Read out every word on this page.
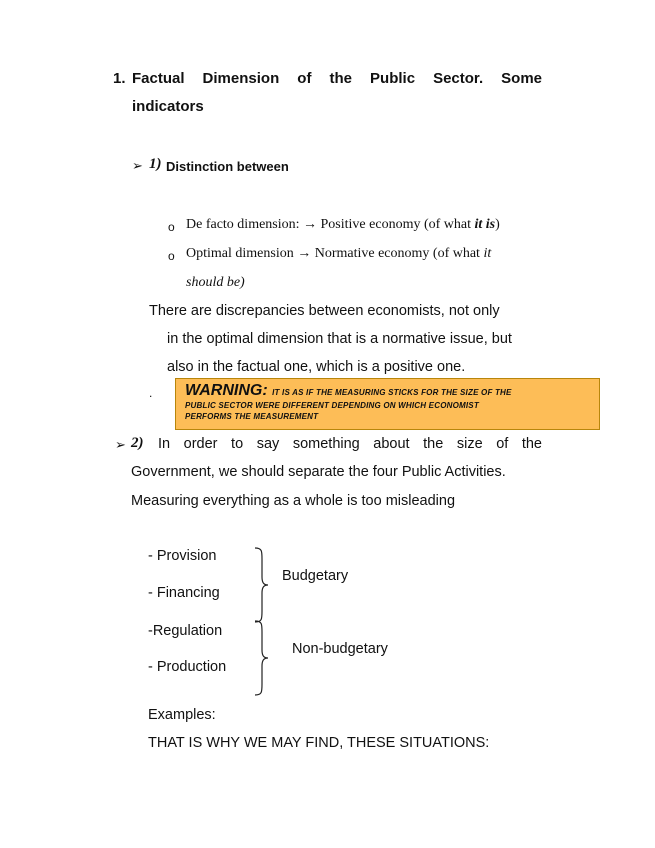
1. Factual Dimension of the Public Sector. Some
indicators
➢ 1) Distinction between
o De facto dimension: → Positive economy (of what it is)
o Optimal dimension → Normative economy (of what it
should be)
There are discrepancies between economists, not only
in the optimal dimension that is a normative issue, but
also in the factual one, which is a positive one.
. WARNING: IT IS AS IF THE MEASURING STICKS FOR THE SIZE OF THE
PUBLIC SECTOR WERE DIFFERENT DEPENDING ON WHICH ECONOMIST
PERFORMS THE MEASUREMENT
➢ 2) In order to say something about the size of the
Government, we should separate the four Public Activities.
Measuring everything as a whole is too misleading
- Provision
- Financing
-Regulation
- Production
Budgetary
Non-budgetary
Examples:
THAT IS WHY WE MAY FIND, THESE SITUATIONS:
